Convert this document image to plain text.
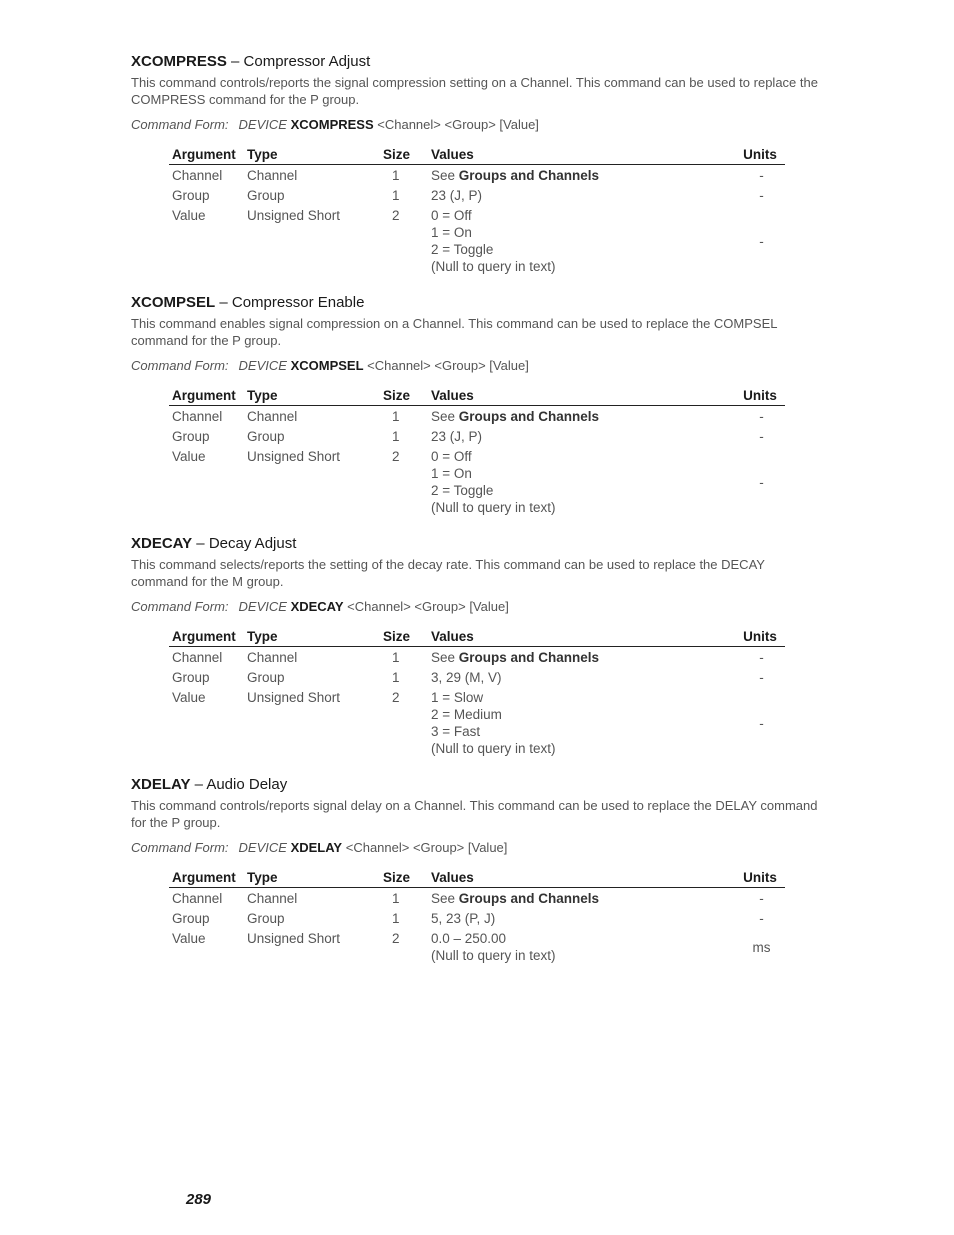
XCOMPRESS – Compressor Adjust

This command controls/reports the signal compression setting on a Channel. This command can be used to replace the COMPRESS command for the P group.

Command Form: DEVICE XCOMPRESS <Channel> <Group> [Value]
Argument	Type	Size	Values	Units
Channel	Channel	1	See Groups and Channels	-
Group	Group	1	23 (J, P)	-
Value	Unsigned Short	2	0 = Off
1 = On
2 = Toggle
(Null to query in text)	-
XCOMPSEL – Compressor Enable

This command enables signal compression on a Channel. This command can be used to replace the COMPSEL command for the P group.

Command Form: DEVICE XCOMPSEL <Channel> <Group> [Value]
Argument	Type	Size	Values	Units
Channel	Channel	1	See Groups and Channels	-
Group	Group	1	23 (J, P)	-
Value	Unsigned Short	2	0 = Off
1 = On
2 = Toggle
(Null to query in text)	-
XDECAY – Decay Adjust

This command selects/reports the setting of the decay rate. This command can be used to replace the DECAY command for the M group.

Command Form: DEVICE XDECAY <Channel> <Group> [Value]
Argument	Type	Size	Values	Units
Channel	Channel	1	See Groups and Channels	-
Group	Group	1	3, 29 (M, V)	-
Value	Unsigned Short	2	1 = Slow
2 = Medium
3 = Fast
(Null to query in text)	-
XDELAY – Audio Delay

This command controls/reports signal delay on a Channel. This command can be used to replace the DELAY command for the P group.

Command Form: DEVICE XDELAY <Channel> <Group> [Value]
Argument	Type	Size	Values	Units
Channel	Channel	1	See Groups and Channels	-
Group	Group	1	5, 23 (P, J)	-
Value	Unsigned Short	2	0.0 – 250.00
(Null to query in text)	ms
289
